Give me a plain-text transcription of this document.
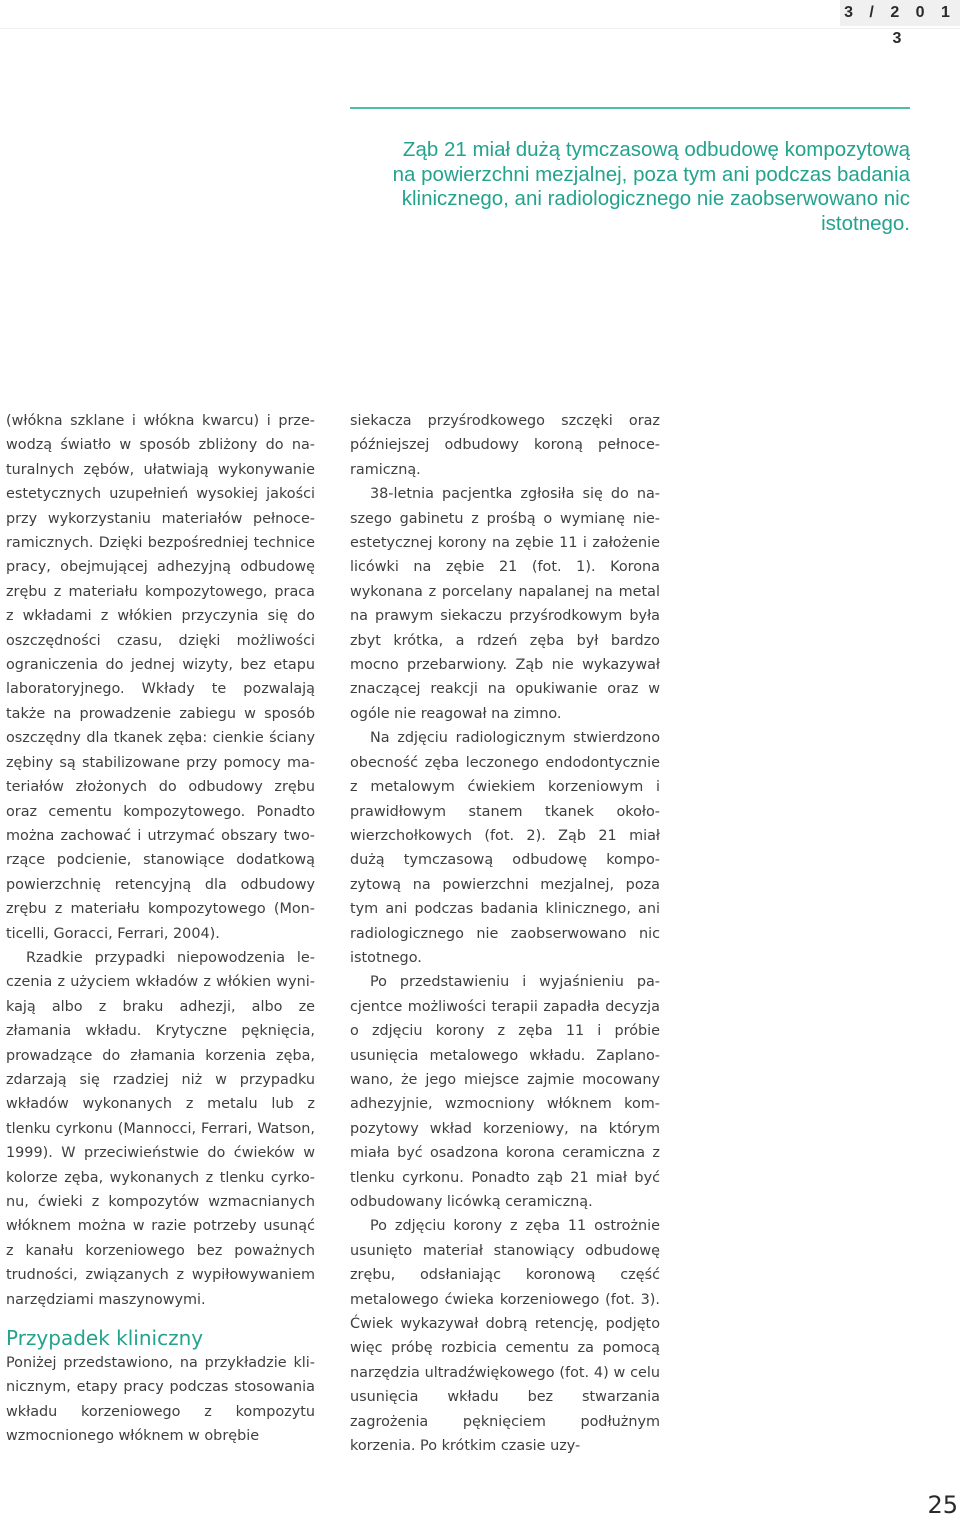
3 / 2 0 1 3
Ząb 21 miał dużą tymczasową odbudowę kompozytową na powierzchni mezjalnej, poza tym ani podczas badania klinicznego, ani radiologicznego nie zaobserwowano nic istotnego.

(włókna szklane i włókna kwarcu) i przewodzą światło w sposób zbliżony do naturalnych zębów, ułatwiają wykonywanie estetycznych uzupełnień wysokiej jakości przy wykorzystaniu materiałów pełnoceramicznych. Dzięki bezpośredniej technice pracy, obejmującej adhezyjną odbudowę zrębu z materiału kompozytowego, praca z wkładami z włókien przyczynia się do oszczędności czasu, dzięki możliwości ograniczenia do jednej wizyty, bez etapu laboratoryjnego. Wkłady te pozwalają także na prowadzenie zabiegu w sposób oszczędny dla tkanek zęba: cienkie ściany zębiny są stabilizowane przy pomocy materiałów złożonych do odbudowy zrębu oraz cementu kompozytowego. Ponadto można zachować i utrzymać obszary tworzące podcienie, stanowiące dodatkową powierzchnię retencyjną dla odbudowy zrębu z materiału kompozytowego (Monticelli, Goracci, Ferrari, 2004).

Rzadkie przypadki niepowodzenia leczenia z użyciem wkładów z włókien wynikają albo z braku adhezji, albo ze złamania wkładu. Krytyczne pęknięcia, prowadzące do złamania korzenia zęba, zdarzają się rzadziej niż w przypadku wkładów wykonanych z metalu lub z tlenku cyrkonu (Mannocci, Ferrari, Watson, 1999). W przeciwieństwie do ćwieków w kolorze zęba, wykonanych z tlenku cyrkonu, ćwieki z kompozytów wzmacnianych włóknem można w razie potrzeby usunąć z kanału korzeniowego bez poważnych trudności, związanych z wypiłowywaniem narzędziami maszynowymi.

Przypadek kliniczny

Poniżej przedstawiono, na przykładzie klinicznym, etapy pracy podczas stosowania wkładu korzeniowego z kompozytu wzmocnionego włóknem w obrębie

siekacza przyśrodkowego szczęki oraz późniejszej odbudowy koroną pełnoceramiczną.

38-letnia pacjentka zgłosiła się do naszego gabinetu z prośbą o wymianę nieestetycznej korony na zębie 11 i założenie licówki na zębie 21 (fot. 1). Korona wykonana z porcelany napalanej na metal na prawym siekaczu przyśrodkowym była zbyt krótka, a rdzeń zęba był bardzo mocno przebarwiony. Ząb nie wykazywał znaczącej reakcji na opukiwanie oraz w ogóle nie reagował na zimno.

Na zdjęciu radiologicznym stwierdzono obecność zęba leczonego endodontycznie z metalowym ćwiekiem korzeniowym i prawidłowym stanem tkanek okołowierzchołkowych (fot. 2). Ząb 21 miał dużą tymczasową odbudowę kompozytową na powierzchni mezjalnej, poza tym ani podczas badania klinicznego, ani radiologicznego nie zaobserwowano nic istotnego.

Po przedstawieniu i wyjaśnieniu pacjentce możliwości terapii zapadła decyzja o zdjęciu korony z zęba 11 i próbie usunięcia metalowego wkładu. Zaplanowano, że jego miejsce zajmie mocowany adhezyjnie, wzmocniony włóknem kompozytowy wkład korzeniowy, na którym miała być osadzona korona ceramiczna z tlenku cyrkonu. Ponadto ząb 21 miał być odbudowany licówką ceramiczną.

Po zdjęciu korony z zęba 11 ostrożnie usunięto materiał stanowiący odbudowę zrębu, odsłaniając koronową część metalowego ćwieka korzeniowego (fot. 3). Ćwiek wykazywał dobrą retencję, podjęto więc próbę rozbicia cementu za pomocą narzędzia ultradźwiękowego (fot. 4) w celu usunięcia wkładu bez stwarzania zagrożenia pęknięciem podłużnym korzenia. Po krótkim czasie uzy-

25
